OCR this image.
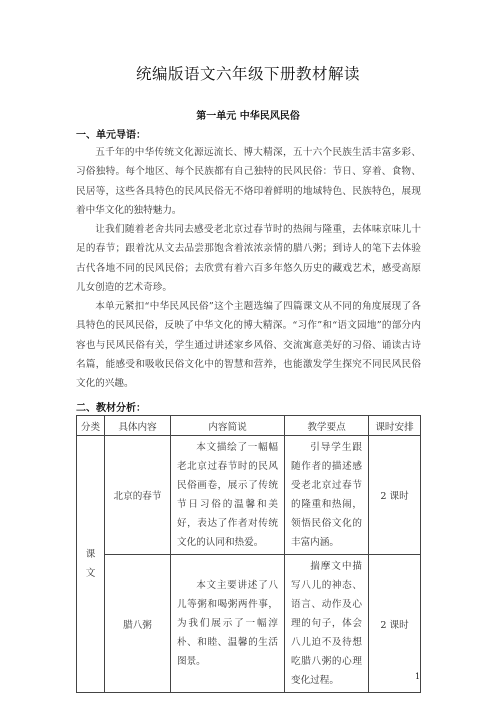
统编版语文六年级下册教材解读
第一单元 中华民风民俗
一、单元导语：
五千年的中华传统文化源远流长、博大精深，五十六个民族生活丰富多彩、习俗独特。每个地区、每个民族都有自己独特的民风民俗：节日、穿着、食物、民居等，这些各具特色的民风民俗无不烙印着鲜明的地域特色、民族特色，展现着中华文化的独特魅力。
让我们随着老舍共同去感受老北京过春节时的热闹与隆重，去体味京味儿十足的春节；跟着沈从文去品尝那饱含着浓浓亲情的腊八粥；到诗人的笔下去体验古代各地不同的民风民俗；去欣赏有着六百多年悠久历史的藏戏艺术，感受高原儿女创造的艺术奇珍。
本单元紧扣“中华民风民俗”这个主题选编了四篇课文从不同的角度展现了各具特色的民风民俗，反映了中华文化的博大精深。“习作”和“语文园地”的部分内容也与民风民俗有关，学生通过讲述家乡风俗、交流寓意美好的习俗、诵读古诗名篇，能感受和吸收民俗文化中的智慧和营养，也能激发学生探究不同民风民俗文化的兴趣。
二、教材分析：
分类	具体内容	内容简说	教学要点	课时安排
课文	北京的春节	本文描绘了一幅幅老北京过春节时的民风民俗画卷，展示了传统节日习俗的温馨和美好，表达了作者对传统文化的认同和热爱。	引导学生跟随作者的描述感受老北京过春节的隆重和热闹，领悟民俗文化的丰富内涵。	2 课时
	腊八粥	本文主要讲述了八儿等粥和喝粥两件事，为我们展示了一幅淳朴、和睦、温馨的生活图景。	揣摩文中描写八儿的神态、语言、动作及心理的句子，体会八儿迫不及待想吃腊八粥的心理变化过程。	2 课时
1
